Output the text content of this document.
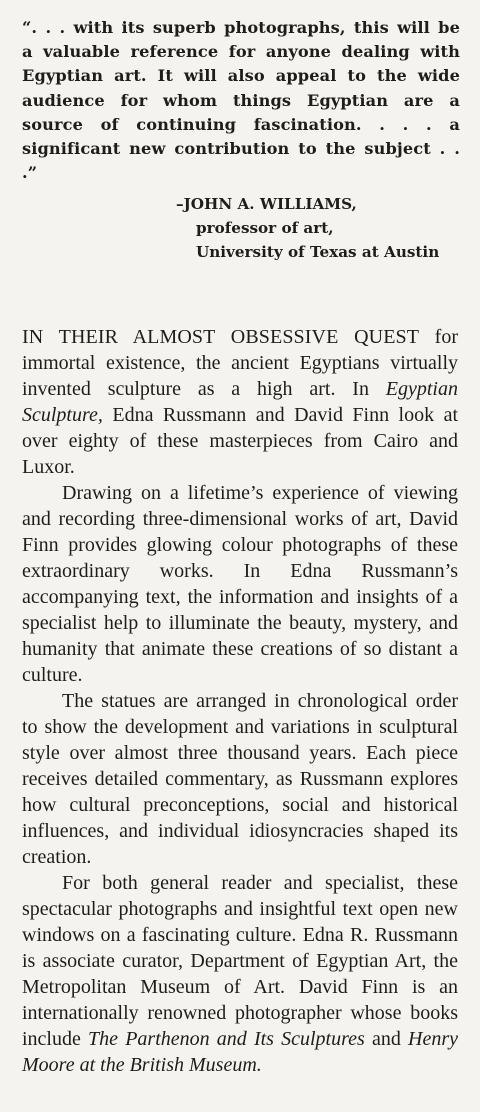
“. . . with its superb photographs, this will be a valuable reference for anyone dealing with Egyptian art. It will also appeal to the wide audience for whom things Egyptian are a source of continuing fascination. . . . a significant new contribution to the subject . . .”
–JOHN A. WILLIAMS,
professor of art,
University of Texas at Austin

IN THEIR ALMOST OBSESSIVE QUEST for immortal existence, the ancient Egyptians virtually invented sculpture as a high art. In Egyptian Sculpture, Edna Russmann and David Finn look at over eighty of these masterpieces from Cairo and Luxor.

Drawing on a lifetime’s experience of viewing and recording three-dimensional works of art, David Finn provides glowing colour photographs of these extraordinary works. In Edna Russmann’s accompanying text, the information and insights of a specialist help to illuminate the beauty, mystery, and humanity that animate these creations of so distant a culture.

The statues are arranged in chronological order to show the development and variations in sculptural style over almost three thousand years. Each piece receives detailed commentary, as Russmann explores how cultural preconceptions, social and historical influences, and individual idiosyncracies shaped its creation.

For both general reader and specialist, these spectacular photographs and insightful text open new windows on a fascinating culture. Edna R. Russmann is associate curator, Department of Egyptian Art, the Metropolitan Museum of Art. David Finn is an internationally renowned photographer whose books include The Parthenon and Its Sculptures and Henry Moore at the British Museum.
